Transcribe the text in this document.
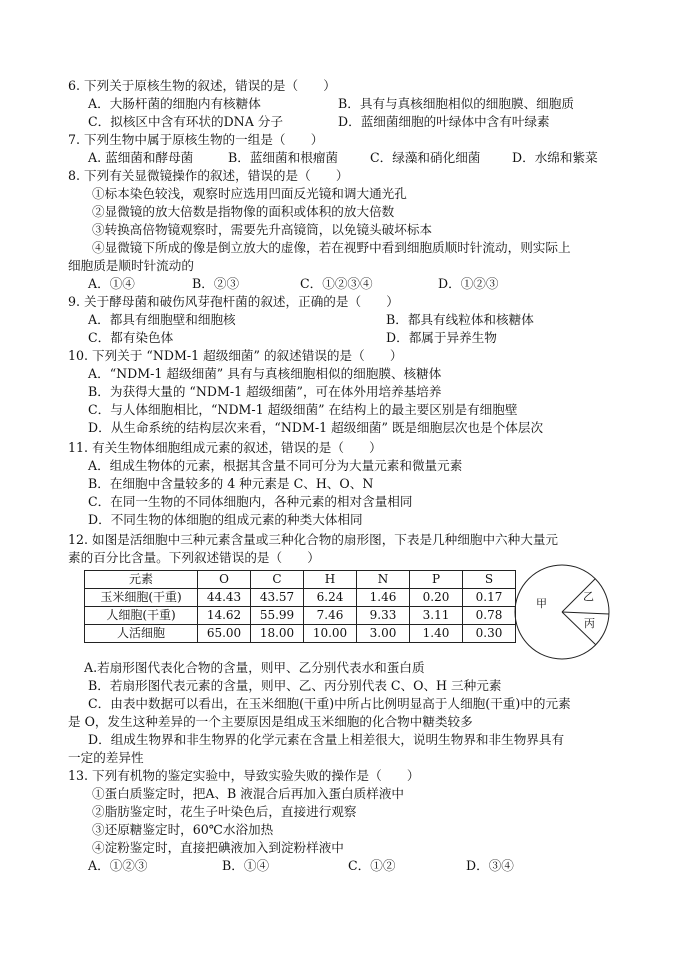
6. 下列关于原核生物的叙述，错误的是（　　）
A．大肠杆菌的细胞内有核糖体	B．具有与真核细胞相似的细胞膜、细胞质
C．拟核区中含有环状的DNA 分子	D．蓝细菌细胞的叶绿体中含有叶绿素
7. 下列生物中属于原核生物的一组是（　　）
A. 蓝细菌和酵母菌	B．蓝细菌和根瘤菌	C．绿藻和硝化细菌	D．水绵和紫菜
8. 下列有关显微镜操作的叙述，错误的是（　　）
①标本染色较浅，观察时应选用凹面反光镜和调大通光孔
②显微镜的放大倍数是指物像的面积或体积的放大倍数
③转换高倍物镜观察时，需要先升高镜筒，以免镜头破坏标本
④显微镜下所成的像是倒立放大的虚像，若在视野中看到细胞质顺时针流动，则实际上
细胞质是顺时针流动的
A．①④	B．②③	C．①②③④	D．①②③
9. 关于酵母菌和破伤风芽孢杆菌的叙述，正确的是（　　）
A．都具有细胞壁和细胞核	B．都具有线粒体和核糖体
C．都有染色体	D．都属于异养生物
10. 下列关于 “NDM-1 超级细菌” 的叙述错误的是（　　）
A．“NDM-1 超级细菌” 具有与真核细胞相似的细胞膜、核糖体
B．为获得大量的 “NDM-1 超级细菌”，可在体外用培养基培养
C．与人体细胞相比，“NDM-1 超级细菌” 在结构上的最主要区别是有细胞壁
D．从生命系统的结构层次来看，“NDM-1 超级细菌” 既是细胞层次也是个体层次
11. 有关生物体细胞组成元素的叙述，错误的是（　　）
A．组成生物体的元素，根据其含量不同可分为大量元素和微量元素
B．在细胞中含量较多的 4 种元素是 C、H、O、N
C．在同一生物的不同体细胞内，各种元素的相对含量相同
D．不同生物的体细胞的组成元素的种类大体相同
12. 如图是活细胞中三种元素含量或三种化合物的扇形图，下表是几种细胞中六种大量元
素的百分比含量。下列叙述错误的是（　　）
元素	O	C	H	N	P	S
玉米细胞(干重)	44.43	43.57	6.24	1.46	0.20	0.17
人细胞(干重)	14.62	55.99	7.46	9.33	3.11	0.78
人活细胞	65.00	18.00	10.00	3.00	1.40	0.30
甲
乙
丙
A.若扇形图代表化合物的含量，则甲、乙分别代表水和蛋白质
B．若扇形图代表元素的含量，则甲、乙、丙分别代表 C、O、H 三种元素
C．由表中数据可以看出，在玉米细胞(干重)中所占比例明显高于人细胞(干重)中的元素
是 O，发生这种差异的一个主要原因是组成玉米细胞的化合物中糖类较多
D．组成生物界和非生物界的化学元素在含量上相差很大，说明生物界和非生物界具有
一定的差异性
13. 下列有机物的鉴定实验中，导致实验失败的操作是（　　）
①蛋白质鉴定时，把A、B 液混合后再加入蛋白质样液中
②脂肪鉴定时，花生子叶染色后，直接进行观察
③还原糖鉴定时，60℃水浴加热
④淀粉鉴定时，直接把碘液加入到淀粉样液中
A．①②③	B．①④	C．①②	D．③④
